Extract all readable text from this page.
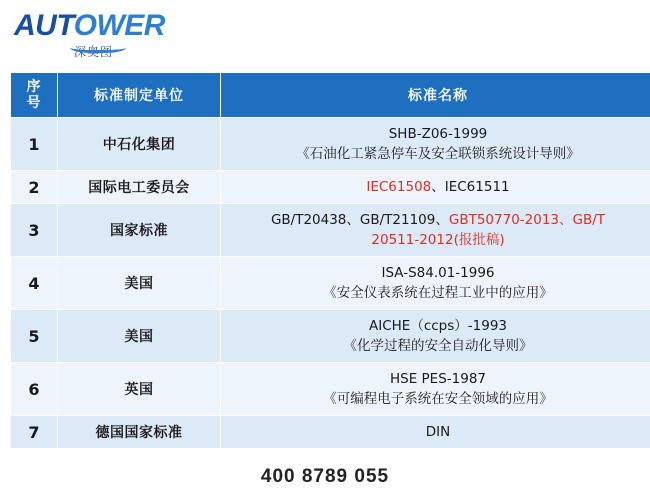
AUTOWER
深奥图
序
号	标准制定单位	标准名称
1	中石化集团	SHB-Z06-1999
《石油化工紧急停车及安全联锁系统设计导则》

2	国际电工委员会	IEC61508、IEC61511

3	国家标准	GB/T20438、GB/T21109、GBT50770-2013、GB/T
20511-2012(报批稿)

4	美国	ISA-S84.01-1996
《安全仪表系统在过程工业中的应用》

5	美国	AICHE（ccps）-1993
《化学过程的安全自动化导则》

6	英国	HSE PES-1987
《可编程电子系统在安全领域的应用》

7	德国国家标准	DIN
400 8789 055
